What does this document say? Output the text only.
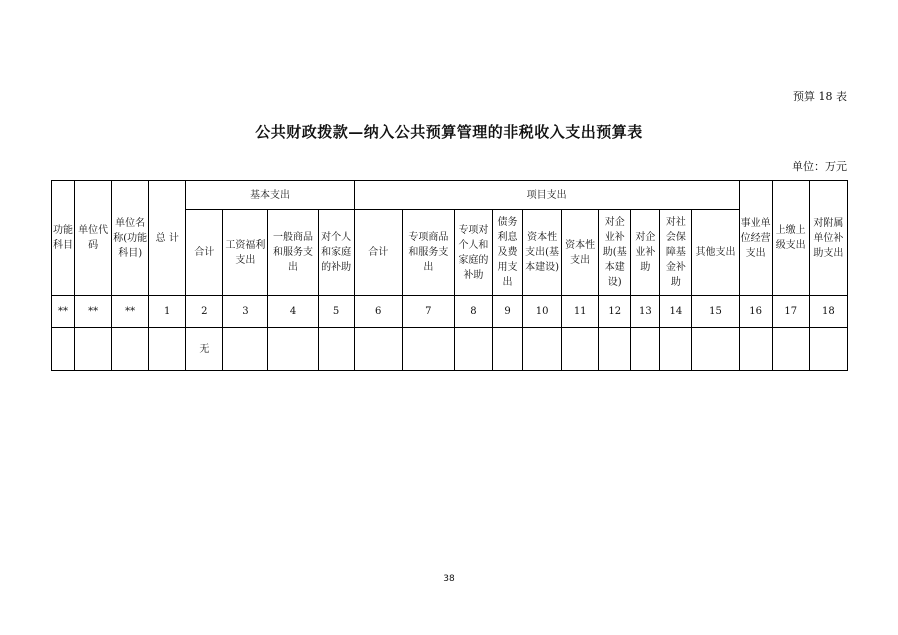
预算 18 表
公共财政拨款—纳入公共预算管理的非税收入支出预算表
单位：万元
功能科目	单位代码	单位名称(功能科目)	总 计	基本支出				项目支出										事业单位经营支出	上缴上级支出	对附属单位补助支出
				合计	工资福利支出	一般商品和服务支出	对个人和家庭的补助	合计	专项商品和服务支出	专项对个人和家庭的补助	债务利息及费用支出	资本性支出(基本建设)	资本性支出	对企业补助(基本建设)	对企业补助	对社会保障基金补助	其他支出			
**	**	**	1	2	3	4	5	6	7	8	9	10	11	12	13	14	15	16	17	18
				无																
38
